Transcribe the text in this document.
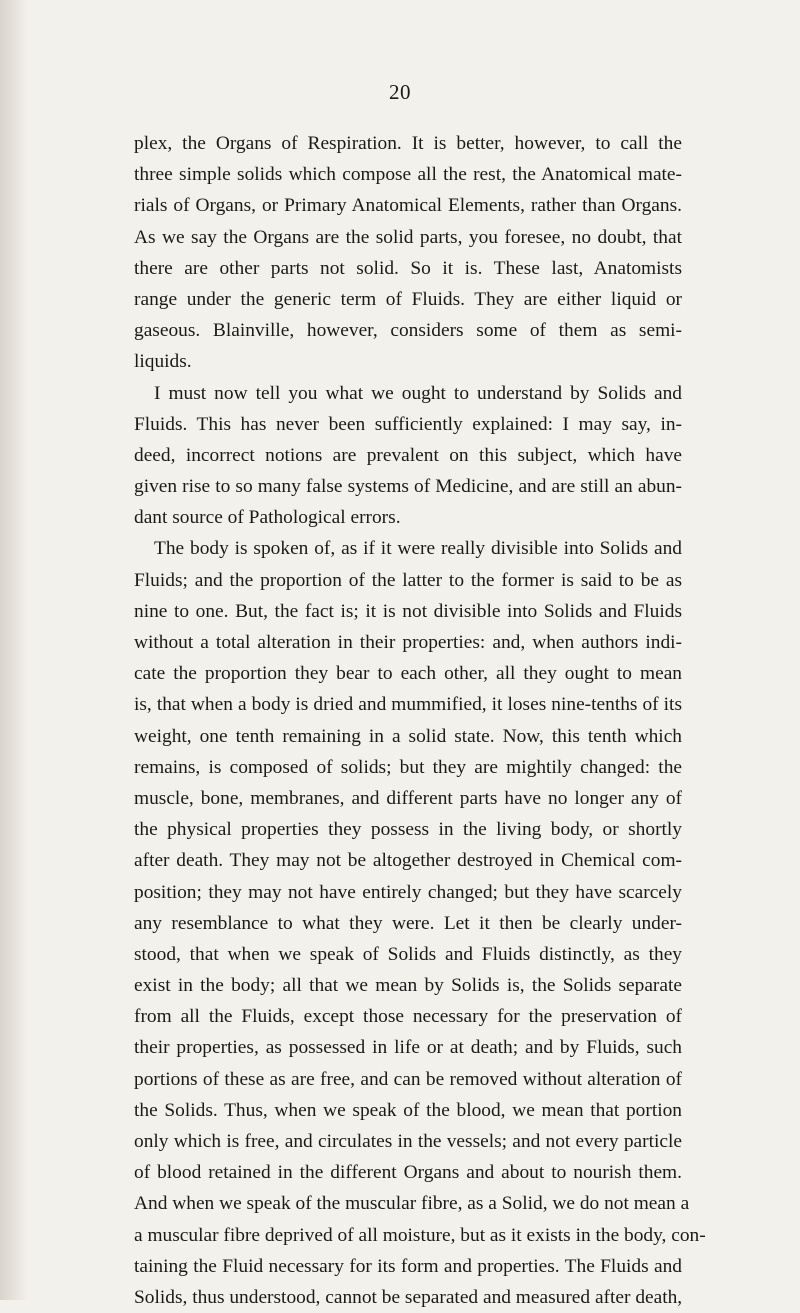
20
plex, the Organs of Respiration. It is better, however, to call the
three simple solids which compose all the rest, the Anatomical mate-
rials of Organs, or Primary Anatomical Elements, rather than Organs.
As we say the Organs are the solid parts, you foresee, no doubt, that
there are other parts not solid. So it is. These last, Anatomists
range under the generic term of Fluids. They are either liquid or
gaseous. Blainville, however, considers some of them as semi-
liquids.
I must now tell you what we ought to understand by Solids and
Fluids. This has never been sufficiently explained: I may say, in-
deed, incorrect notions are prevalent on this subject, which have
given rise to so many false systems of Medicine, and are still an abun-
dant source of Pathological errors.
The body is spoken of, as if it were really divisible into Solids and
Fluids; and the proportion of the latter to the former is said to be as
nine to one. But, the fact is; it is not divisible into Solids and Fluids
without a total alteration in their properties: and, when authors indi-
cate the proportion they bear to each other, all they ought to mean
is, that when a body is dried and mummified, it loses nine-tenths of its
weight, one tenth remaining in a solid state. Now, this tenth which
remains, is composed of solids; but they are mightily changed: the
muscle, bone, membranes, and different parts have no longer any of
the physical properties they possess in the living body, or shortly
after death. They may not be altogether destroyed in Chemical com-
position; they may not have entirely changed; but they have scarcely
any resemblance to what they were. Let it then be clearly under-
stood, that when we speak of Solids and Fluids distinctly, as they
exist in the body; all that we mean by Solids is, the Solids separate
from all the Fluids, except those necessary for the preservation of
their properties, as possessed in life or at death; and by Fluids, such
portions of these as are free, and can be removed without alteration of
the Solids. Thus, when we speak of the blood, we mean that portion
only which is free, and circulates in the vessels; and not every particle
of blood retained in the different Organs and about to nourish them.
And when we speak of the muscular fibre, as a Solid, we do not mean a
a muscular fibre deprived of all moisture, but as it exists in the body, con-
taining the Fluid necessary for its form and properties. The Fluids and
Solids, thus understood, cannot be separated and measured after death,
